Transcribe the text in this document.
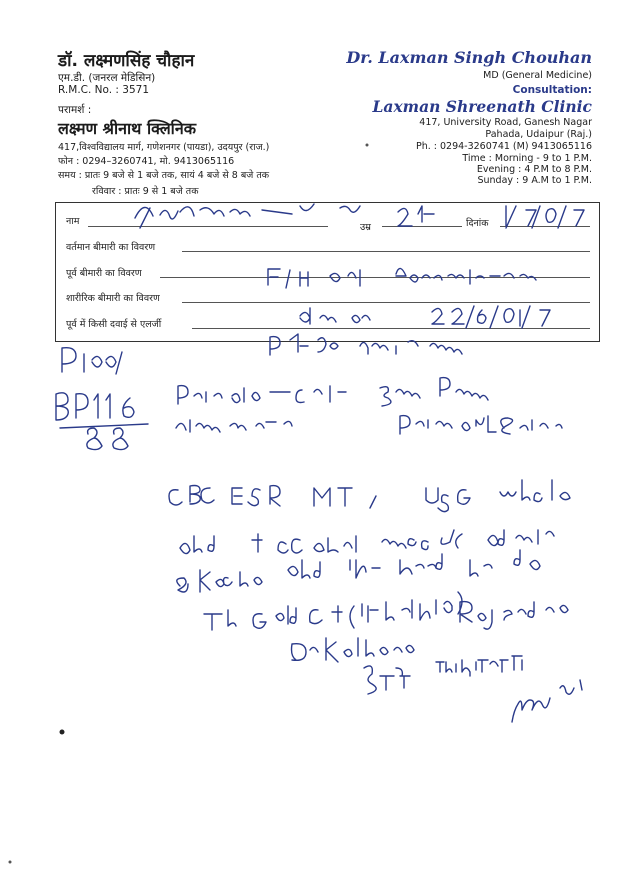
डॉ. लक्ष्मणसिंह चौहान
एम.डी. (जनरल मेडिसिन)
R.M.C. No. : 3571
परामर्श :
लक्ष्मण श्रीनाथ क्लिनिक
417,विश्वविद्यालय मार्ग, गणेशनगर (पायडा), उदयपुर (राज.)
फोन : 0294–3260741, मो. 9413065116
समय : प्रातः 9 बजे से 1 बजे तक, सायं 4 बजे से 8 बजे तक
रविवार : प्रातः 9 से 1 बजे तक
Dr. Laxman Singh Chouhan
MD (General Medicine)
Consultation:
Laxman Shreenath Clinic
417, University Road, Ganesh Nagar
Pahada, Udaipur (Raj.)
Ph. : 0294-3260741 (M) 9413065116
Time : Morning - 9 to 1 P.M.
Evening : 4 P.M to 8 P.M.
Sunday : 9 A.M to 1 P.M.
नाम
उम्र	दिनांक
वर्तमान बीमारी का विवरण
पूर्व बीमारी का विवरण
शारीरिक बीमारी का विवरण
पूर्व में किसी दवाई से एलर्जी
